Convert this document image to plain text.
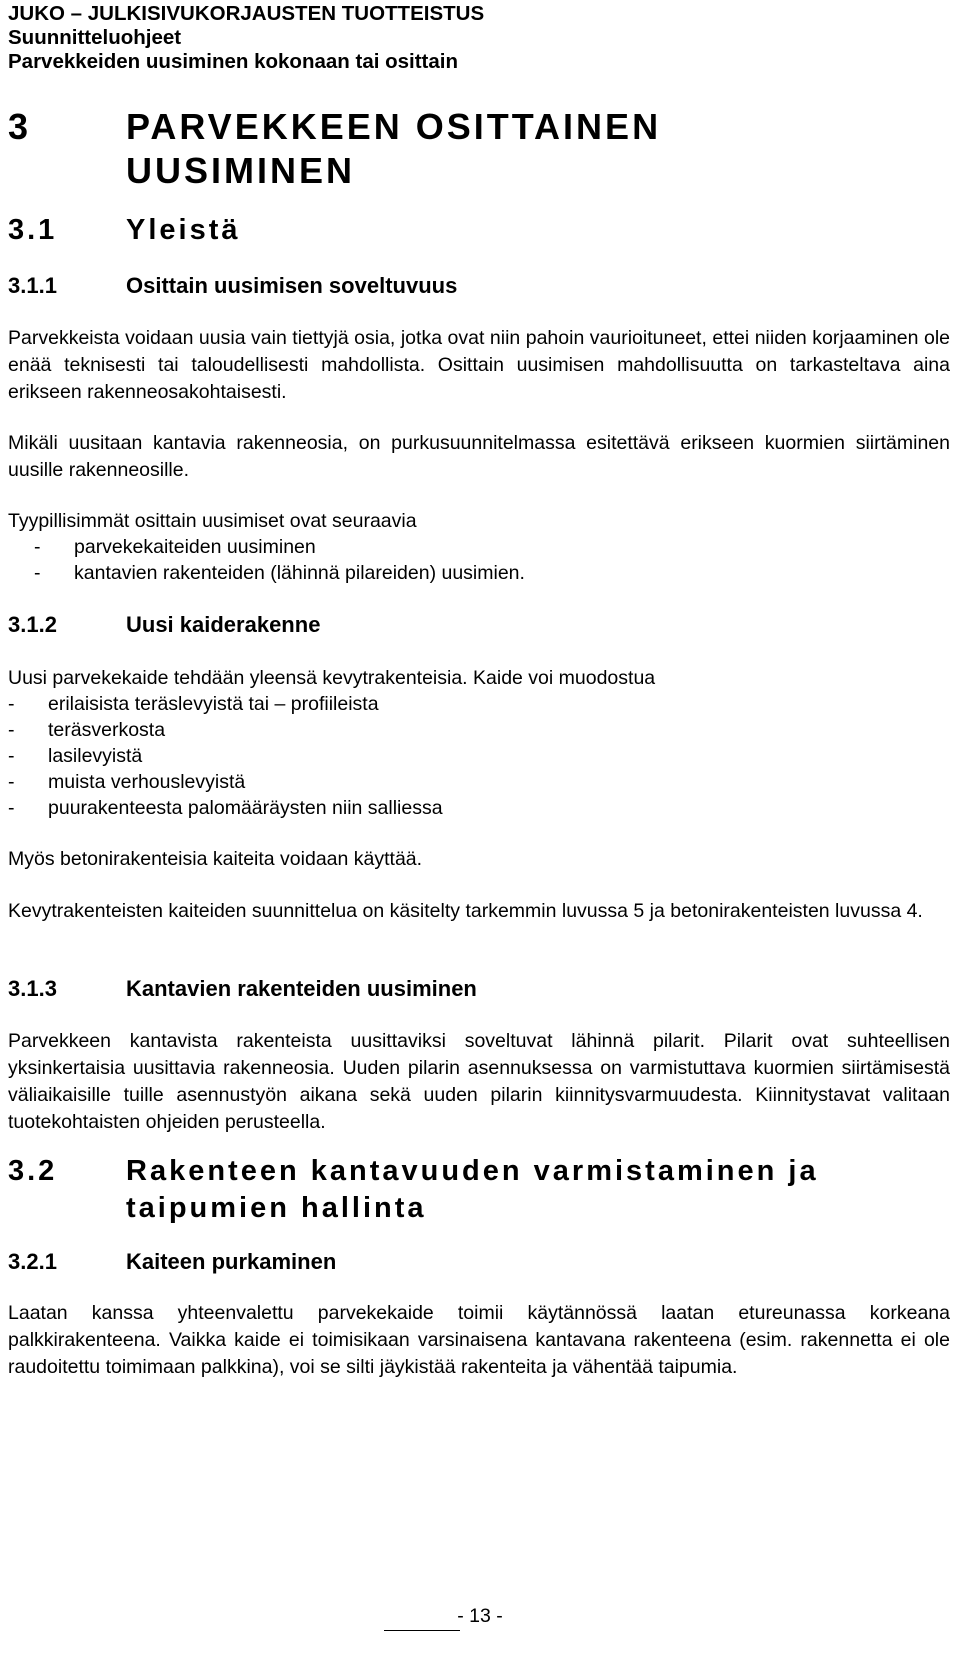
JUKO – JULKISIVUKORJAUSTEN TUOTTEISTUS
Suunnitteluohjeet
Parvekkeiden uusiminen kokonaan tai osittain
3	PARVEKKEEN OSITTAINEN UUSIMINEN
3.1 Yleistä
3.1.1	Osittain uusimisen soveltuvuus
Parvekkeista voidaan uusia vain tiettyjä osia, jotka ovat niin pahoin vaurioituneet, ettei niiden korjaaminen ole enää teknisesti tai taloudellisesti mahdollista. Osittain uusimisen mahdollisuutta on tarkasteltava aina erikseen rakenneosakohtaisesti.
Mikäli uusitaan kantavia rakenneosia, on purkusuunnitelmassa esitettävä erikseen kuormien siirtäminen uusille rakenneosille.
Tyypillisimmät osittain uusimiset ovat seuraavia
- parvekekaiteiden uusiminen
- kantavien rakenteiden (lähinnä pilareiden) uusimien.
3.1.2	Uusi kaiderakenne
Uusi parvekekaide tehdään yleensä kevytrakenteisia. Kaide voi muodostua
- erilaisista teräslevyistä tai – profiileista
- teräsverkosta
- lasilevyistä
- muista verhouslevyistä
- puurakenteesta palomääräysten niin salliessa
Myös betonirakenteisia kaiteita voidaan käyttää.
Kevytrakenteisten kaiteiden suunnittelua on käsitelty tarkemmin luvussa 5 ja betonirakenteisten luvussa 4.
3.1.3	Kantavien rakenteiden uusiminen
Parvekkeen kantavista rakenteista uusittaviksi soveltuvat lähinnä pilarit. Pilarit ovat suhteellisen yksinkertaisia uusittavia rakenneosia. Uuden pilarin asennuksessa on varmistuttava kuormien siirtämisestä väliaikaisille tuille asennustyön aikana sekä uuden pilarin kiinnitysvarmuudesta. Kiinnitystavat valitaan tuotekohtaisten ohjeiden perusteella.
3.2 Rakenteen kantavuuden varmistaminen ja taipumien hallinta
3.2.1	Kaiteen purkaminen
Laatan kanssa yhteenvalettu parvekekaide toimii käytännössä laatan etureunassa korkeana palkkirakenteena. Vaikka kaide ei toimisikaan varsinaisena kantavana rakenteena (esim. rakennetta ei ole raudoitettu toimimaan palkkina), voi se silti jäykistää rakenteita ja vähentää taipumia.
- 13 -
